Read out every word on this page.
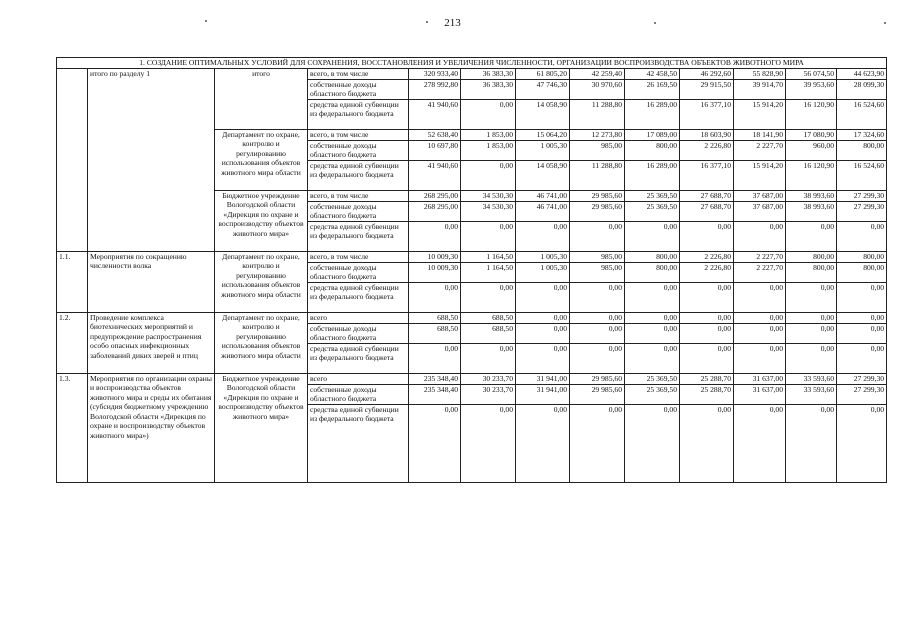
213
1. СОЗДАНИЕ ОПТИМАЛЬНЫХ УСЛОВИЙ ДЛЯ СОХРАНЕНИЯ, ВОССТАНОВЛЕНИЯ И УВЕЛИЧЕНИЯ ЧИСЛЕННОСТИ, ОРГАНИЗАЦИИ ВОСПРОИЗВОДСТВА ОБЪЕКТОВ ЖИВОТНОГО МИРА												
	итого по разделу 1	итого	всего, в том числе	320 933,40	36 383,30	61 805,20	42 259,40	42 458,50	46 292,60	55 828,90	56 074,50	44 623,90
			собственные доходы областного бюджета	278 992,80	36 383,30	47 746,30	30 970,60	26 169,50	29 915,50	39 914,70	39 953,60	28 099,30
			средства единой субвенции из федерального бюджета	41 940,60	0,00	14 058,90	11 288,80	16 289,00	16 377,10	15 914,20	16 120,90	16 524,60
		Департамент по охране, контролю и регулированию использования объектов животного мира области	всего, в том числе	52 638,40	1 853,00	15 064,20	12 273,80	17 089,00	18 603,90	18 141,90	17 080,90	17 324,60
			собственные доходы областного бюджета	10 697,80	1 853,00	1 005,30	985,00	800,00	2 226,80	2 227,70	960,00	800,00
			средства единой субвенции из федерального бюджета	41 940,60	0,00	14 058,90	11 288,80	16 289,00	16 377,10	15 914,20	16 120,90	16 524,60
		Бюджетное учреждение Вологодской области «Дирекция по охране и воспроизводству объектов животного мира»	всего, в том числе	268 295,00	34 530,30	46 741,00	29 985,60	25 369,50	27 688,70	37 687,00	38 993,60	27 299,30
			собственные доходы областного бюджета	268 295,00	34 530,30	46 741,00	29 985,60	25 369,50	27 688,70	37 687,00	38 993,60	27 299,30
			средства единой субвенции из федерального бюджета	0,00	0,00	0,00	0,00	0,00	0,00	0,00	0,00	0,00
1.1.	Мероприятия по сокращению численности волка	Департамент по охране, контролю и регулированию использования объектов животного мира области	всего, в том числе	10 009,30	1 164,50	1 005,30	985,00	800,00	2 226,80	2 227,70	800,00	800,00
			собственные доходы областного бюджета	10 009,30	1 164,50	1 005,30	985,00	800,00	2 226,80	2 227,70	800,00	800,00
			средства единой субвенции из федерального бюджета	0,00	0,00	0,00	0,00	0,00	0,00	0,00	0,00	0,00
1.2.	Проведение комплекса биотехнических мероприятий и предупреждение распространения особо опасных инфекционных заболеваний диких зверей и птиц	Департамент по охране, контролю и регулированию использования объектов животного мира области	всего	688,50	688,50	0,00	0,00	0,00	0,00	0,00	0,00	0,00
			собственные доходы областного бюджета	688,50	688,50	0,00	0,00	0,00	0,00	0,00	0,00	0,00
			средства единой субвенции из федерального бюджета	0,00	0,00	0,00	0,00	0,00	0,00	0,00	0,00	0,00
1.3.	Мероприятия по организации охраны и воспроизводства объектов животного мира и среды их обитания (субсидия бюджетному учреждению Вологодской области «Дирекция по охране и воспроизводству объектов животного мира»)	Бюджетное учреждение Вологодской области «Дирекция по охране и воспроизводству объектов животного мира»	всего	235 348,40	30 233,70	31 941,00	29 985,60	25 369,50	25 288,70	31 637,00	33 593,60	27 299,30
			собственные доходы областного бюджета	235 348,40	30 233,70	31 941,00	29 985,60	25 369,50	25 288,70	31 637,00	33 593,60	27 299,30
			средства единой субвенции из федерального бюджета	0,00	0,00	0,00	0,00	0,00	0,00	0,00	0,00	0,00
